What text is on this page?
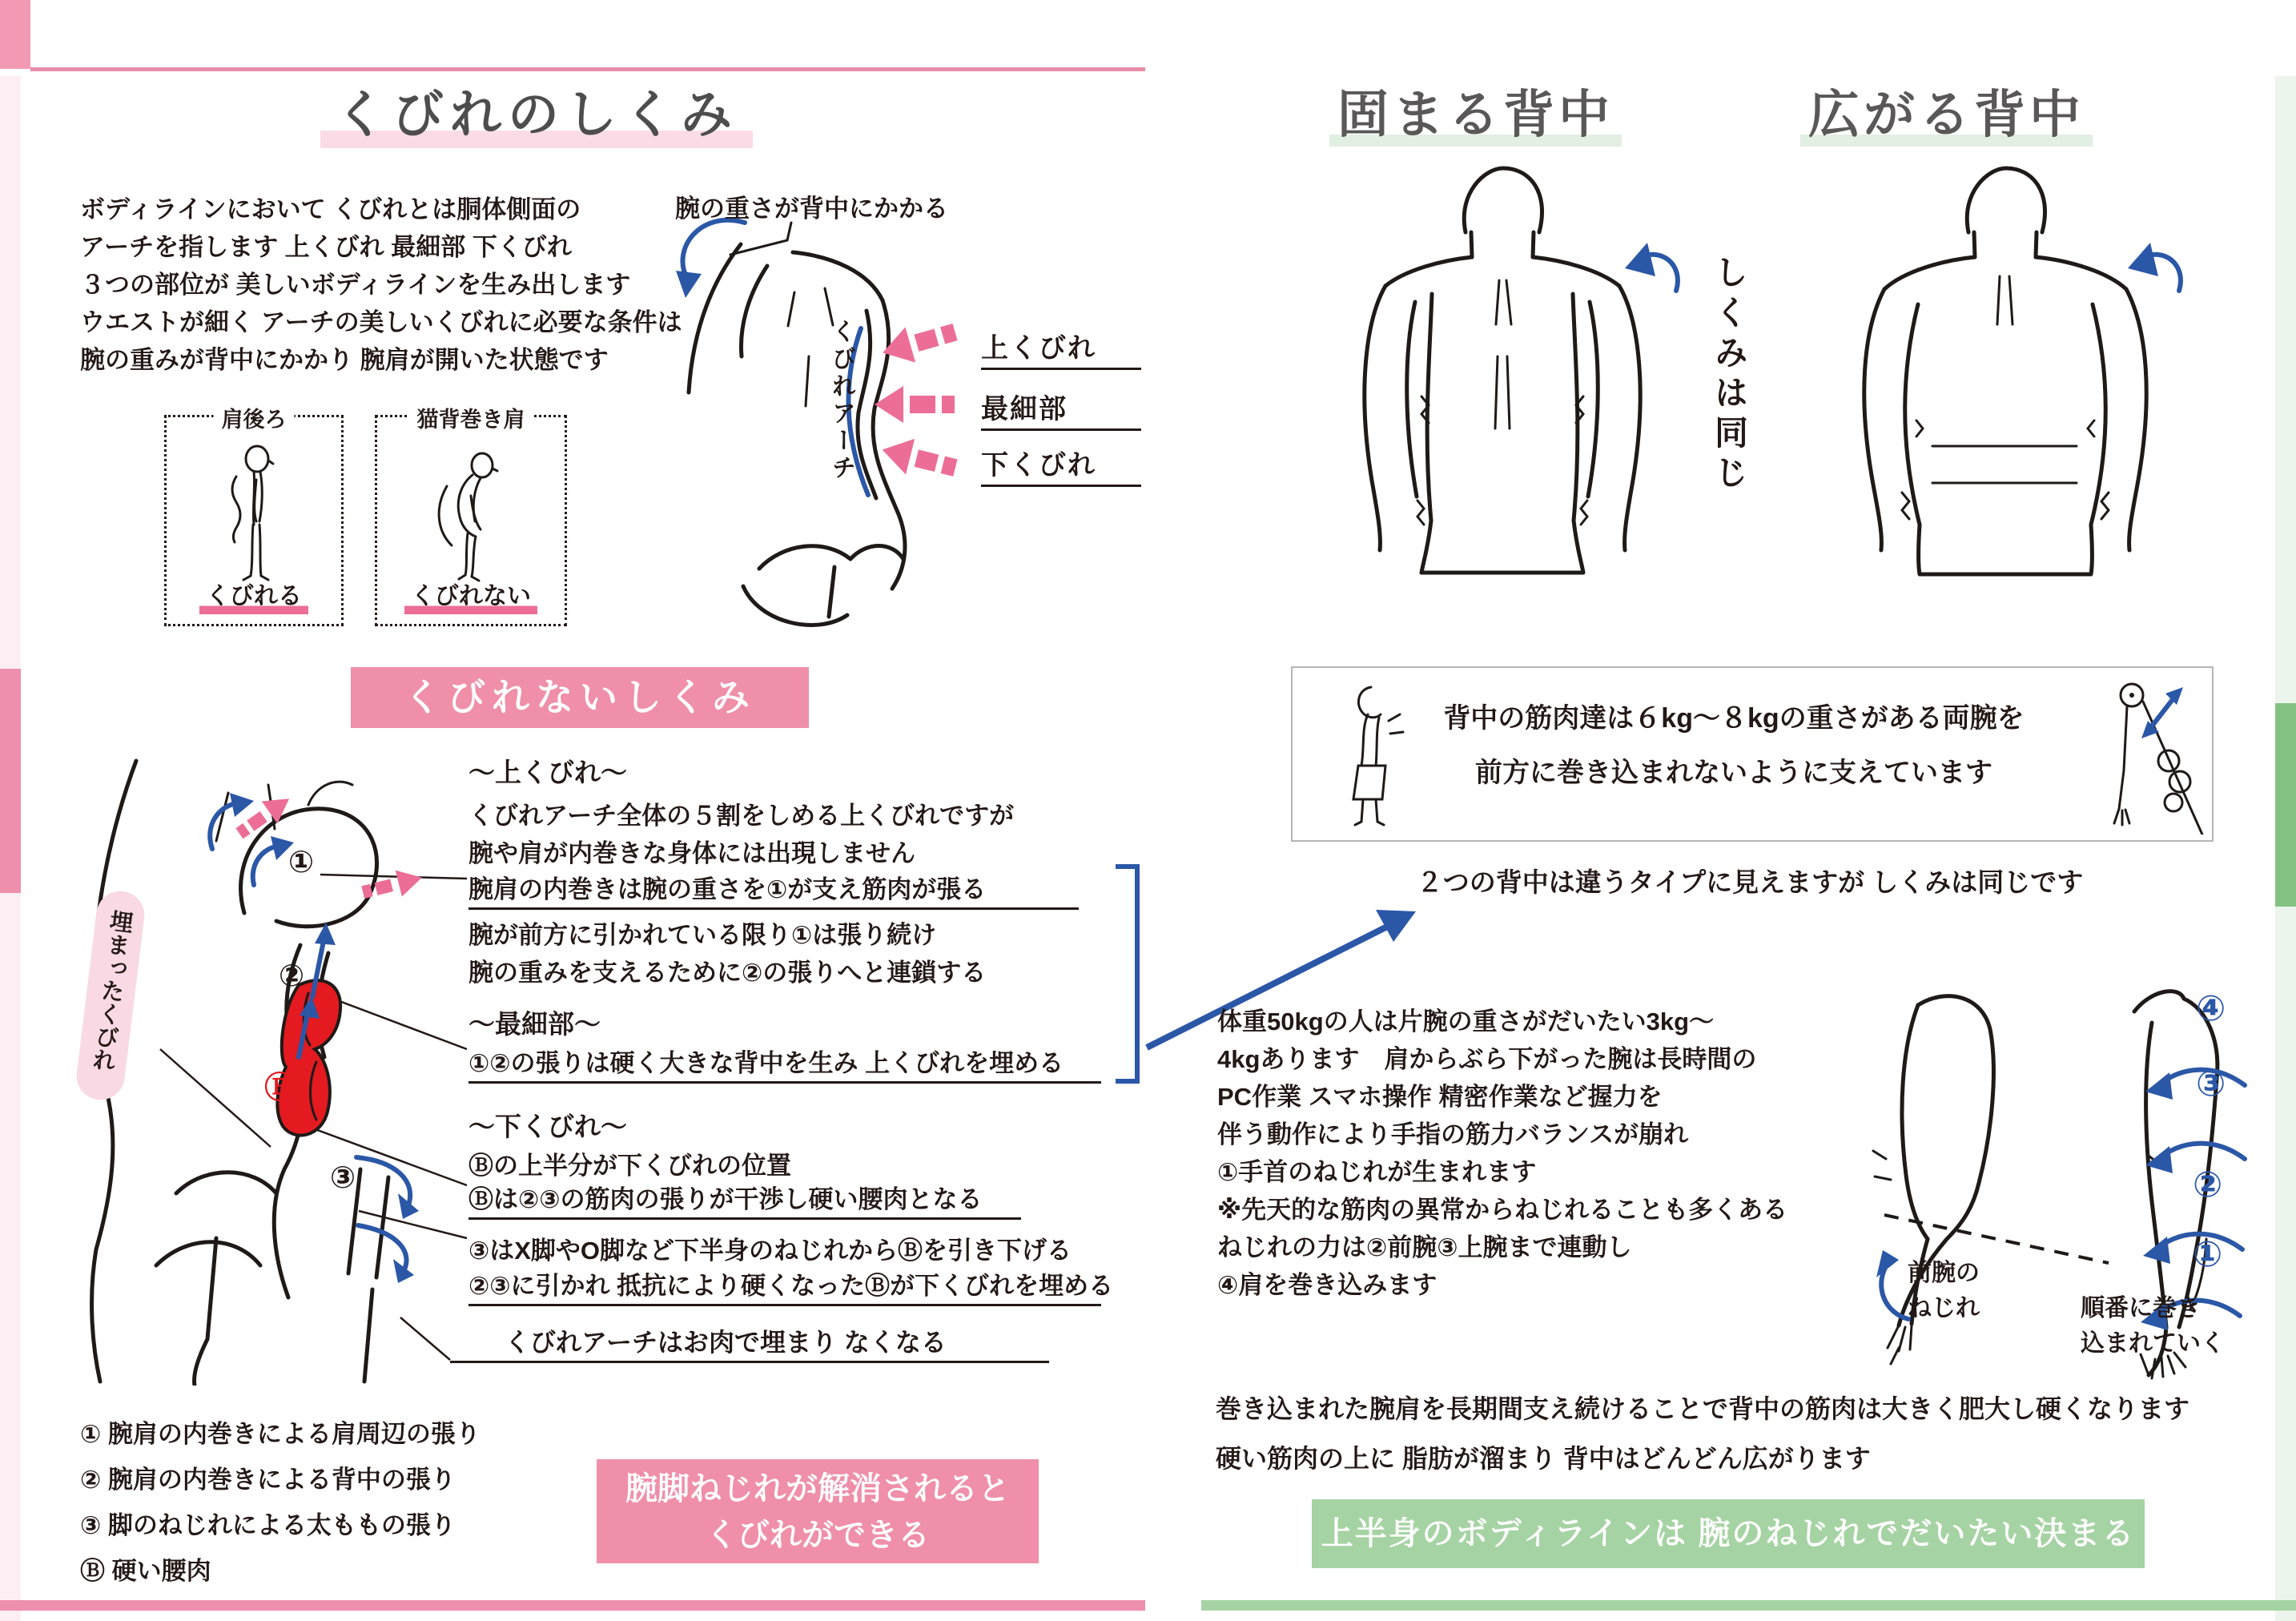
くびれのしくみ
ボディラインにおいて くびれとは胴体側面の
アーチを指します 上くびれ 最細部 下くびれ
３つの部位が 美しいボディラインを生み出します
ウエストが細く アーチの美しいくびれに必要な条件は
腕の重みが背中にかかり 腕肩が開いた状態です
肩後ろ
くびれる
猫背巻き肩
くびれない
腕の重さが背中にかかる
くびれアーチ	上くびれ
最細部
下くびれ
くびれないしくみ
埋まったくびれ
①
②
Ⓑ
③
〜上くびれ〜
くびれアーチ全体の５割をしめる上くびれですが
腕や肩が内巻きな身体には出現しません
腕肩の内巻きは腕の重さを①が支え筋肉が張る
腕が前方に引かれている限り①は張り続け
腕の重みを支えるために②の張りへと連鎖する
〜最細部〜
①②の張りは硬く大きな背中を生み 上くびれを埋める
〜下くびれ〜
Ⓑの上半分が下くびれの位置
Ⓑは②③の筋肉の張りが干渉し硬い腰肉となる
③はX脚やO脚など下半身のねじれからⒷを引き下げる
②③に引かれ 抵抗により硬くなったⒷが下くびれを埋める
くびれアーチはお肉で埋まり なくなる
① 腕肩の内巻きによる肩周辺の張り
② 腕肩の内巻きによる背中の張り
③ 脚のねじれによる太ももの張り
Ⓑ 硬い腰肉
腕脚ねじれが解消されると
くびれができる
固まる背中	広がる背中
しくみは同じ
背中の筋肉達は６kg〜８kgの重さがある両腕を
前方に巻き込まれないように支えています
２つの背中は違うタイプに見えますが しくみは同じです
体重50kgの人は片腕の重さがだいたい3kg〜
4kgあります　肩からぶら下がった腕は長時間の
PC作業 スマホ操作 精密作業など握力を
伴う動作により手指の筋力バランスが崩れ
①手首のねじれが生まれます
※先天的な筋肉の異常からねじれることも多くある
ねじれの力は②前腕③上腕まで連動し
④肩を巻き込みます
④
③
②
①
前腕の
ねじれ	順番に巻き
込まれていく
巻き込まれた腕肩を長期間支え続けることで背中の筋肉は大きく肥大し硬くなります
硬い筋肉の上に 脂肪が溜まり 背中はどんどん広がります
上半身のボディラインは 腕のねじれでだいたい決まる
